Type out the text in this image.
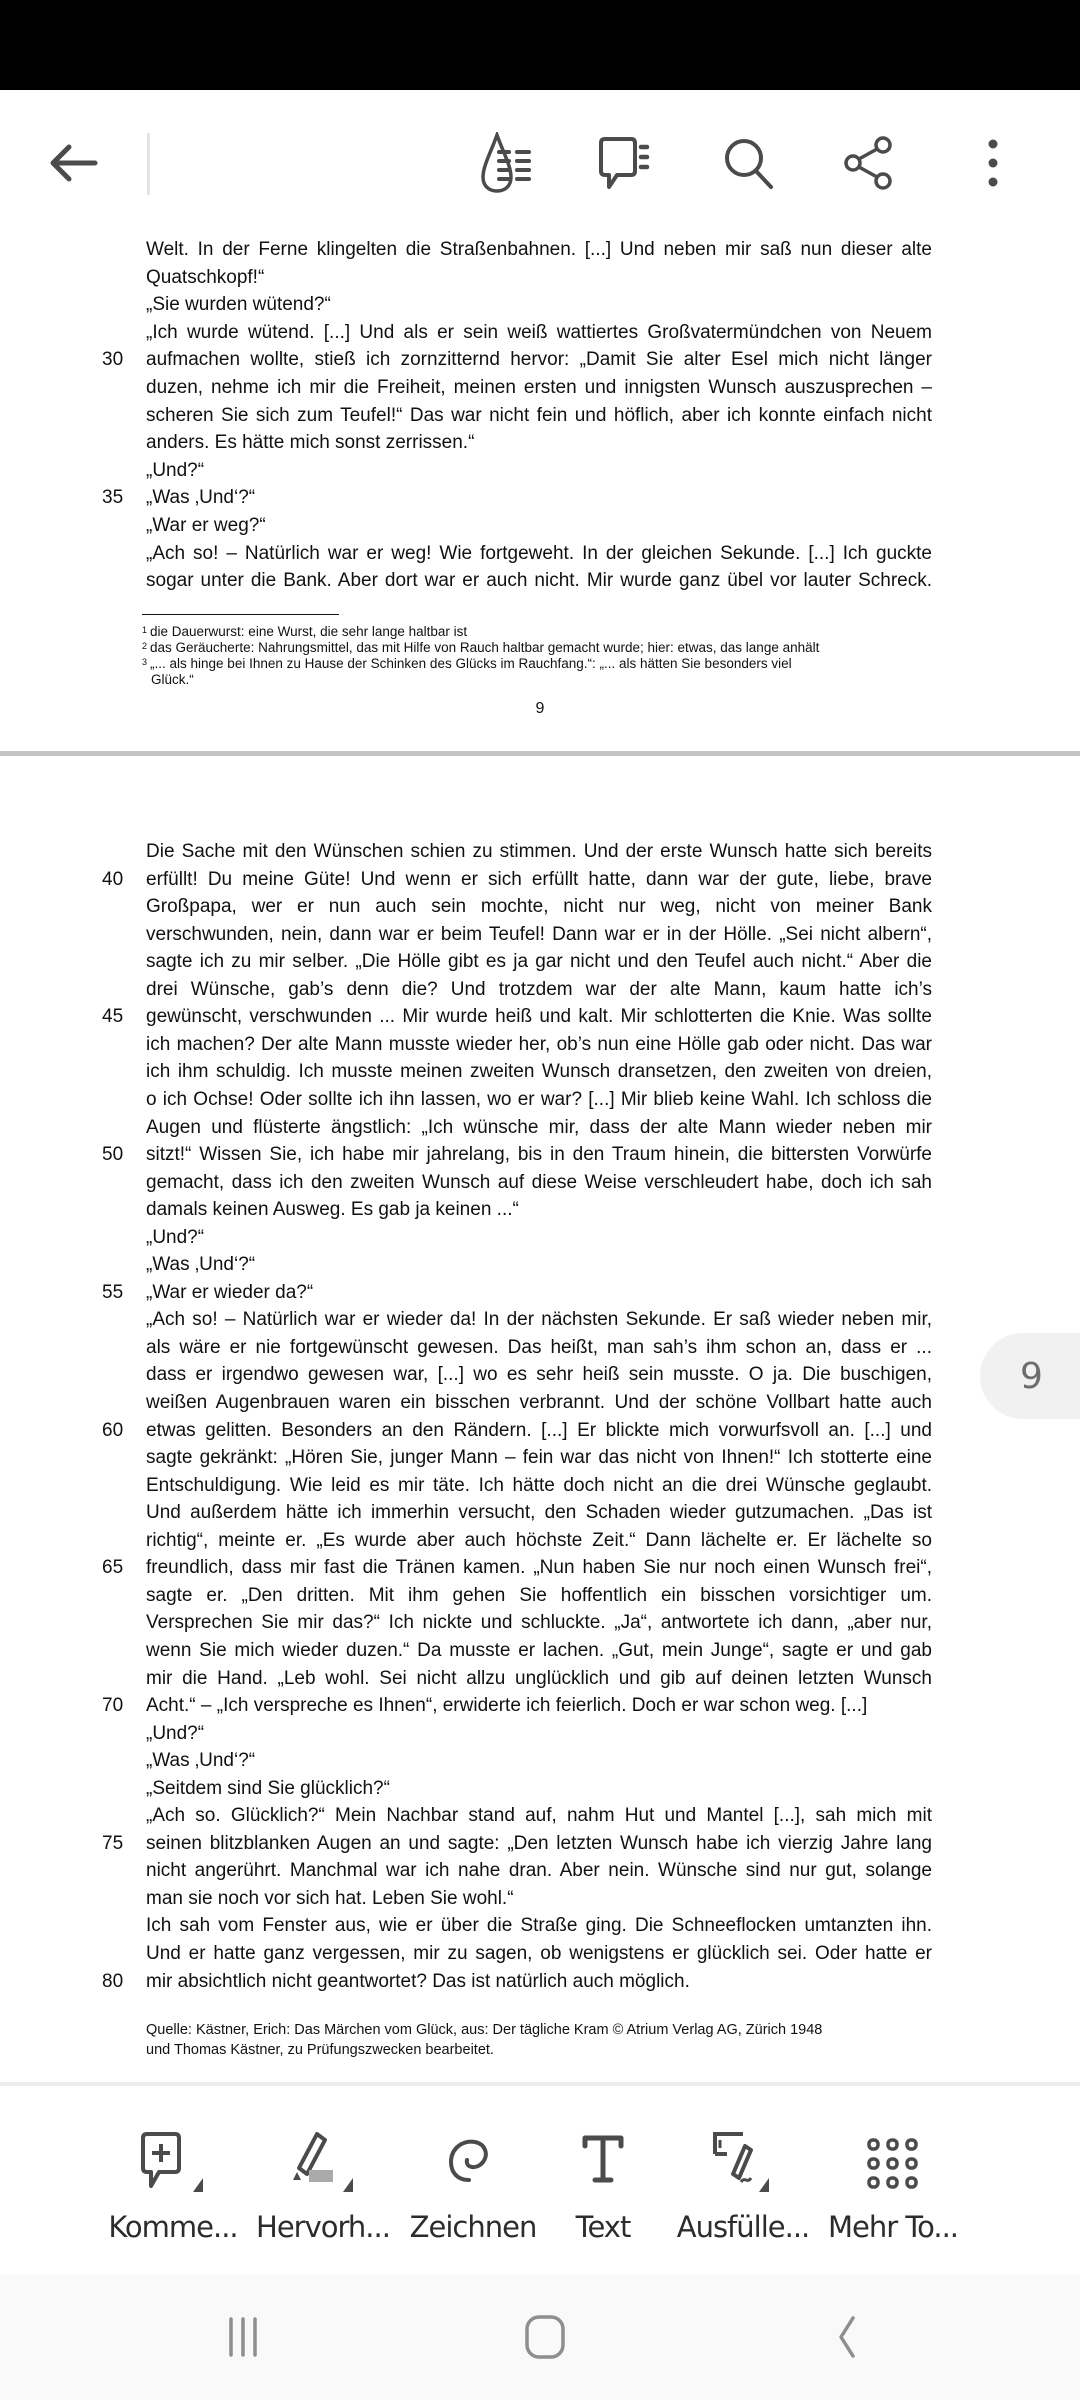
Welt. In der Ferne klingelten die Straßenbahnen. [...] Und neben mir saß nun dieser alte
Quatschkopf!“
„Sie wurden wütend?“
„Ich wurde wütend. [...] Und als er sein weiß wattiertes Großvatermündchen von Neuem
30 aufmachen wollte, stieß ich zornzitternd hervor: „Damit Sie alter Esel mich nicht länger
duzen, nehme ich mir die Freiheit, meinen ersten und innigsten Wunsch auszusprechen –
scheren Sie sich zum Teufel!“ Das war nicht fein und höflich, aber ich konnte einfach nicht
anders. Es hätte mich sonst zerrissen.“
„Und?“
35 „Was ‚Und‘?“
„War er weg?“
„Ach so! – Natürlich war er weg! Wie fortgeweht. In der gleichen Sekunde. [...] Ich guckte
sogar unter die Bank. Aber dort war er auch nicht. Mir wurde ganz übel vor lauter Schreck.
$^1$ die Dauerwurst: eine Wurst, die sehr lange haltbar ist
$^2$ das Geräucherte: Nahrungsmittel, das mit Hilfe von Rauch haltbar gemacht wurde; hier: etwas, das lange anhält
$^3$ „... als hinge bei Ihnen zu Hause der Schinken des Glücks im Rauchfang.“: „... als hätten Sie besonders viel
Glück.“
9
Die Sache mit den Wünschen schien zu stimmen. Und der erste Wunsch hatte sich bereits
40 erfüllt! Du meine Güte! Und wenn er sich erfüllt hatte, dann war der gute, liebe, brave
Großpapa, wer er nun auch sein mochte, nicht nur weg, nicht von meiner Bank
verschwunden, nein, dann war er beim Teufel! Dann war er in der Hölle. „Sei nicht albern“,
sagte ich zu mir selber. „Die Hölle gibt es ja gar nicht und den Teufel auch nicht.“ Aber die
drei Wünsche, gab’s denn die? Und trotzdem war der alte Mann, kaum hatte ich’s
45 gewünscht, verschwunden ... Mir wurde heiß und kalt. Mir schlotterten die Knie. Was sollte
ich machen? Der alte Mann musste wieder her, ob’s nun eine Hölle gab oder nicht. Das war
ich ihm schuldig. Ich musste meinen zweiten Wunsch dransetzen, den zweiten von dreien,
o ich Ochse! Oder sollte ich ihn lassen, wo er war? [...] Mir blieb keine Wahl. Ich schloss die
Augen und flüsterte ängstlich: „Ich wünsche mir, dass der alte Mann wieder neben mir
50 sitzt!“ Wissen Sie, ich habe mir jahrelang, bis in den Traum hinein, die bittersten Vorwürfe
gemacht, dass ich den zweiten Wunsch auf diese Weise verschleudert habe, doch ich sah
damals keinen Ausweg. Es gab ja keinen ...“
„Und?“
„Was ‚Und‘?“
55 „War er wieder da?“
„Ach so! – Natürlich war er wieder da! In der nächsten Sekunde. Er saß wieder neben mir,
als wäre er nie fortgewünscht gewesen. Das heißt, man sah’s ihm schon an, dass er ...
dass er irgendwo gewesen war, [...] wo es sehr heiß sein musste. O ja. Die buschigen,
weißen Augenbrauen waren ein bisschen verbrannt. Und der schöne Vollbart hatte auch
60 etwas gelitten. Besonders an den Rändern. [...] Er blickte mich vorwurfsvoll an. [...] und
sagte gekränkt: „Hören Sie, junger Mann – fein war das nicht von Ihnen!“ Ich stotterte eine
Entschuldigung. Wie leid es mir täte. Ich hätte doch nicht an die drei Wünsche geglaubt.
Und außerdem hätte ich immerhin versucht, den Schaden wieder gutzumachen. „Das ist
richtig“, meinte er. „Es wurde aber auch höchste Zeit.“ Dann lächelte er. Er lächelte so
65 freundlich, dass mir fast die Tränen kamen. „Nun haben Sie nur noch einen Wunsch frei“,
sagte er. „Den dritten. Mit ihm gehen Sie hoffentlich ein bisschen vorsichtiger um.
Versprechen Sie mir das?“ Ich nickte und schluckte. „Ja“, antwortete ich dann, „aber nur,
wenn Sie mich wieder duzen.“ Da musste er lachen. „Gut, mein Junge“, sagte er und gab
mir die Hand. „Leb wohl. Sei nicht allzu unglücklich und gib auf deinen letzten Wunsch
70 Acht.“ – „Ich verspreche es Ihnen“, erwiderte ich feierlich. Doch er war schon weg. [...]
„Und?“
„Was ‚Und‘?“
„Seitdem sind Sie glücklich?“
„Ach so. Glücklich?“ Mein Nachbar stand auf, nahm Hut und Mantel [...], sah mich mit
75 seinen blitzblanken Augen an und sagte: „Den letzten Wunsch habe ich vierzig Jahre lang
nicht angerührt. Manchmal war ich nahe dran. Aber nein. Wünsche sind nur gut, solange
man sie noch vor sich hat. Leben Sie wohl.“
Ich sah vom Fenster aus, wie er über die Straße ging. Die Schneeflocken umtanzten ihn.
Und er hatte ganz vergessen, mir zu sagen, ob wenigstens er glücklich sei. Oder hatte er
80 mir absichtlich nicht geantwortet? Das ist natürlich auch möglich.
Quelle: Kästner, Erich: Das Märchen vom Glück, aus: Der tägliche Kram © Atrium Verlag AG, Zürich 1948
und Thomas Kästner, zu Prüfungszwecken bearbeitet.
9
Komme... Hervorh... Zeichnen	Text	Ausfülle... Mehr To...
